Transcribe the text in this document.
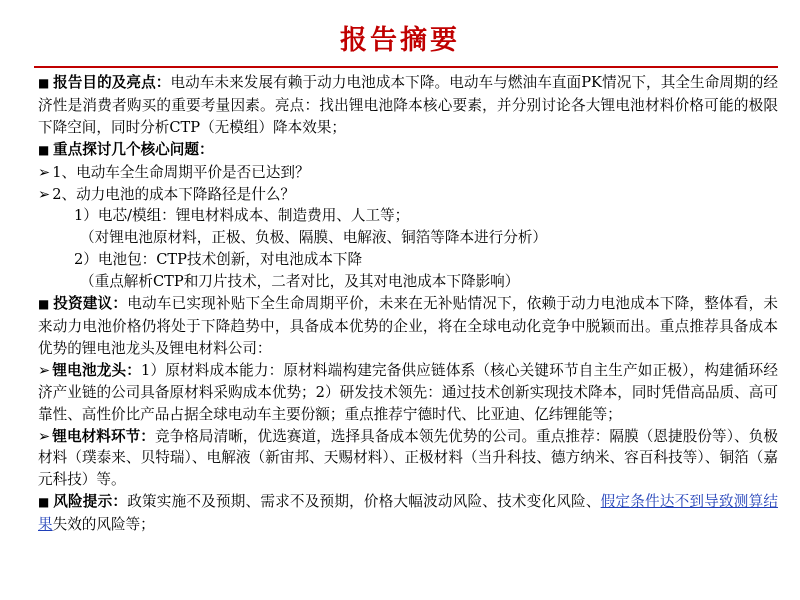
报告摘要

■ 报告目的及亮点：电动车未来发展有赖于动力电池成本下降。电动车与燃油车直面PK情况下，其全生命周期的经济性是消费者购买的重要考量因素。亮点：找出锂电池降本核心要素，并分别讨论各大锂电池材料价格可能的极限下降空间，同时分析CTP（无模组）降本效果；

■ 重点探讨几个核心问题：

➢ 1、电动车全生命周期平价是否已达到？

➢ 2、动力电池的成本下降路径是什么？

1）电芯/模组：锂电材料成本、制造费用、人工等；

（对锂电池原材料，正极、负极、隔膜、电解液、铜箔等降本进行分析）

2）电池包：CTP技术创新，对电池成本下降

（重点解析CTP和刀片技术，二者对比，及其对电池成本下降影响）

■ 投资建议：电动车已实现补贴下全生命周期平价，未来在无补贴情况下，依赖于动力电池成本下降，整体看，未来动力电池价格仍将处于下降趋势中，具备成本优势的企业，将在全球电动化竞争中脱颖而出。重点推荐具备成本优势的锂电池龙头及锂电材料公司：

➢ 锂电池龙头：1）原材料成本能力：原材料端构建完备供应链体系（核心关键环节自主生产如正极），构建循环经济产业链的公司具备原材料采购成本优势；2）研发技术领先：通过技术创新实现技术降本，同时凭借高品质、高可靠性、高性价比产品占据全球电动车主要份额；重点推荐宁德时代、比亚迪、亿纬锂能等；

➢ 锂电材料环节：竞争格局清晰，优选赛道，选择具备成本领先优势的公司。重点推荐：隔膜（恩捷股份等）、负极材料（璞泰来、贝特瑞）、电解液（新宙邦、天赐材料）、正极材料（当升科技、德方纳米、容百科技等）、铜箔（嘉元科技）等。

■ 风险提示：政策实施不及预期、需求不及预期，价格大幅波动风险、技术变化风险、假定条件达不到导致测算结果失效的风险等；
